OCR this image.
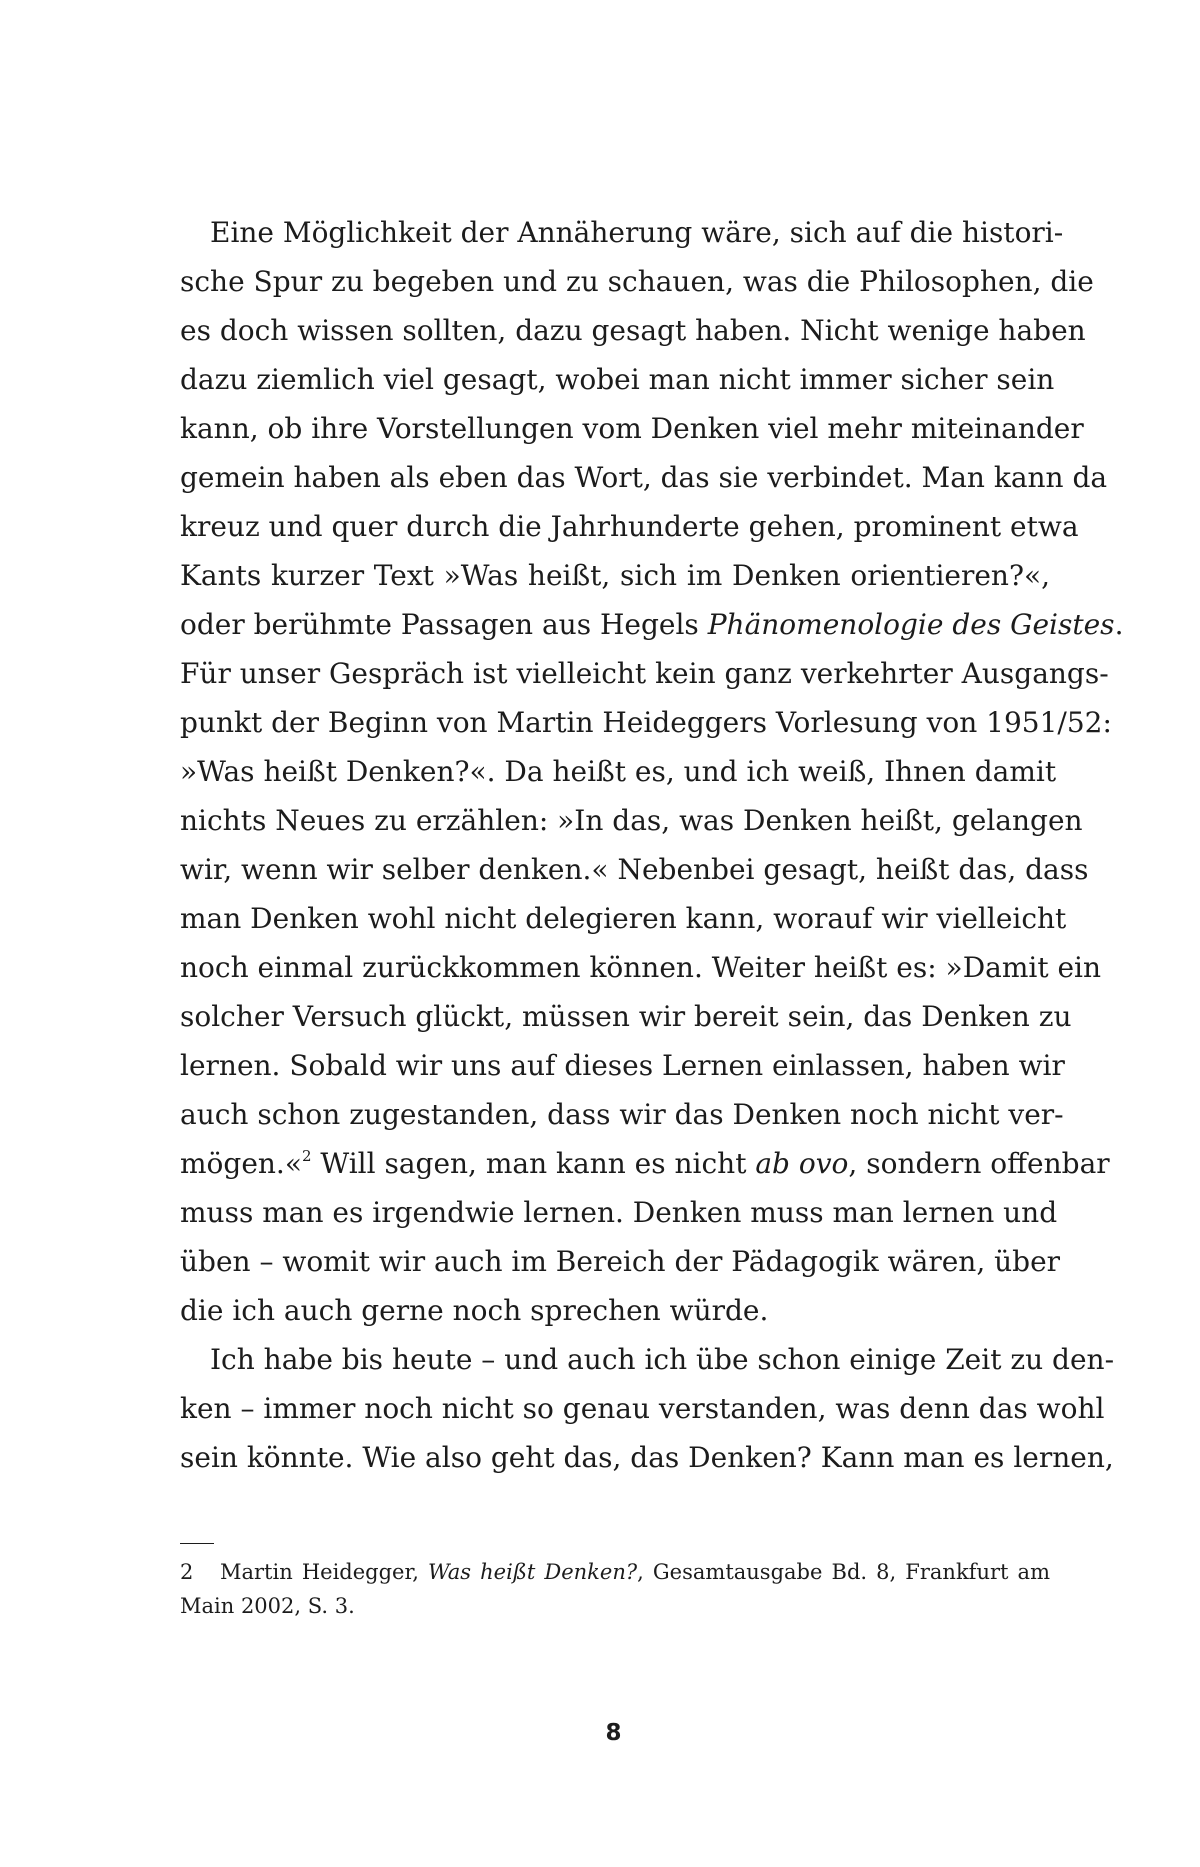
Eine Möglichkeit der Annäherung wäre, sich auf die histori-
sche Spur zu begeben und zu schauen, was die Philosophen, die
es doch wissen sollten, dazu gesagt haben. Nicht wenige haben
dazu ziemlich viel gesagt, wobei man nicht immer sicher sein
kann, ob ihre Vorstellungen vom Denken viel mehr miteinander
gemein haben als eben das Wort, das sie verbindet. Man kann da
kreuz und quer durch die Jahrhunderte gehen, prominent etwa
Kants kurzer Text »Was heißt, sich im Denken orientieren?«,
oder berühmte Passagen aus Hegels Phänomenologie des Geistes.
Für unser Gespräch ist vielleicht kein ganz verkehrter Ausgangs-
punkt der Beginn von Martin Heideggers Vorlesung von 1951/52:
»Was heißt Denken?«. Da heißt es, und ich weiß, Ihnen damit
nichts Neues zu erzählen: »In das, was Denken heißt, gelangen
wir, wenn wir selber denken.« Nebenbei gesagt, heißt das, dass
man Denken wohl nicht delegieren kann, worauf wir vielleicht
noch einmal zurückkommen können. Weiter heißt es: »Damit ein
solcher Versuch glückt, müssen wir bereit sein, das Denken zu
lernen. Sobald wir uns auf dieses Lernen einlassen, haben wir
auch schon zugestanden, dass wir das Denken noch nicht ver-
mögen.«$^2$ Will sagen, man kann es nicht ab ovo, sondern offenbar
muss man es irgendwie lernen. Denken muss man lernen und
üben – womit wir auch im Bereich der Pädagogik wären, über
die ich auch gerne noch sprechen würde.
Ich habe bis heute – und auch ich übe schon einige Zeit zu den-
ken – immer noch nicht so genau verstanden, was denn das wohl
sein könnte. Wie also geht das, das Denken? Kann man es lernen,
2 Martin Heidegger, Was heißt Denken?, Gesamtausgabe Bd. 8, Frankfurt am
Main 2002, S. 3.
8
